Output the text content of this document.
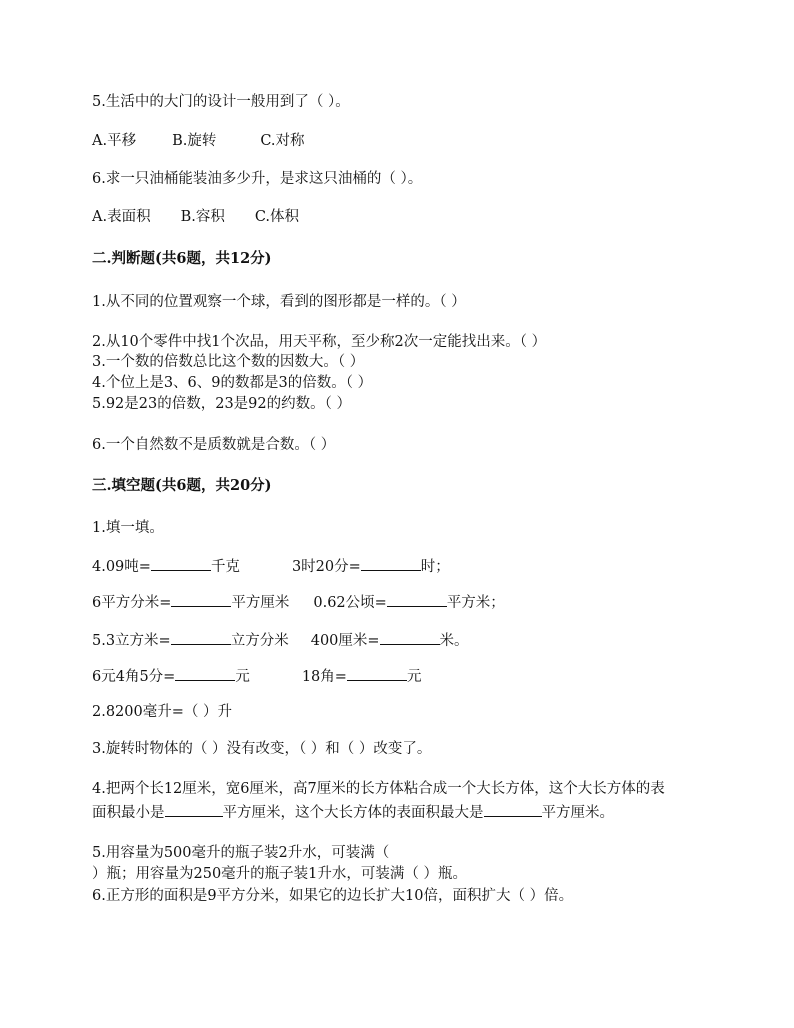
5.生活中的大门的设计一般用到了（ ）。
A.平移 B.旋转	C.对称
6.求一只油桶能装油多少升，是求这只油桶的（ ）。
A.表面积 B.容积 C.体积
二.判断题(共6题，共12分)
1.从不同的位置观察一个球，看到的图形都是一样的。（ ）
2.从10个零件中找1个次品，用天平称，至少称2次一定能找出来。（ ）
3.一个数的倍数总比这个数的因数大。（ ）
4.个位上是3、6、9的数都是3的倍数。（ ）
5.92是23的倍数，23是92的约数。（ ）
6.一个自然数不是质数就是合数。（ ）
三.填空题(共6题，共20分)
1.填一填。
4.09吨=	千克	3时20分=	时；
6平方分米=	平方厘米 0.62公顷=	平方米；
5.3立方米=	立方分米 400厘米=	米。
6元4角5分=	元	18角=	元
2.8200毫升=（ ）升
3.旋转时物体的（ ）没有改变，（ ）和（ ）改变了。
4.把两个长12厘米，宽6厘米，高7厘米的长方体粘合成一个大长方体，这个大长方体的表
面积最小是	平方厘米，这个大长方体的表面积最大是	平方厘米。
5.用容量为500毫升的瓶子装2升水，可装满（
）瓶；用容量为250毫升的瓶子装1升水，可装满（ ）瓶。
6.正方形的面积是9平方分米，如果它的边长扩大10倍，面积扩大（ ）倍。
